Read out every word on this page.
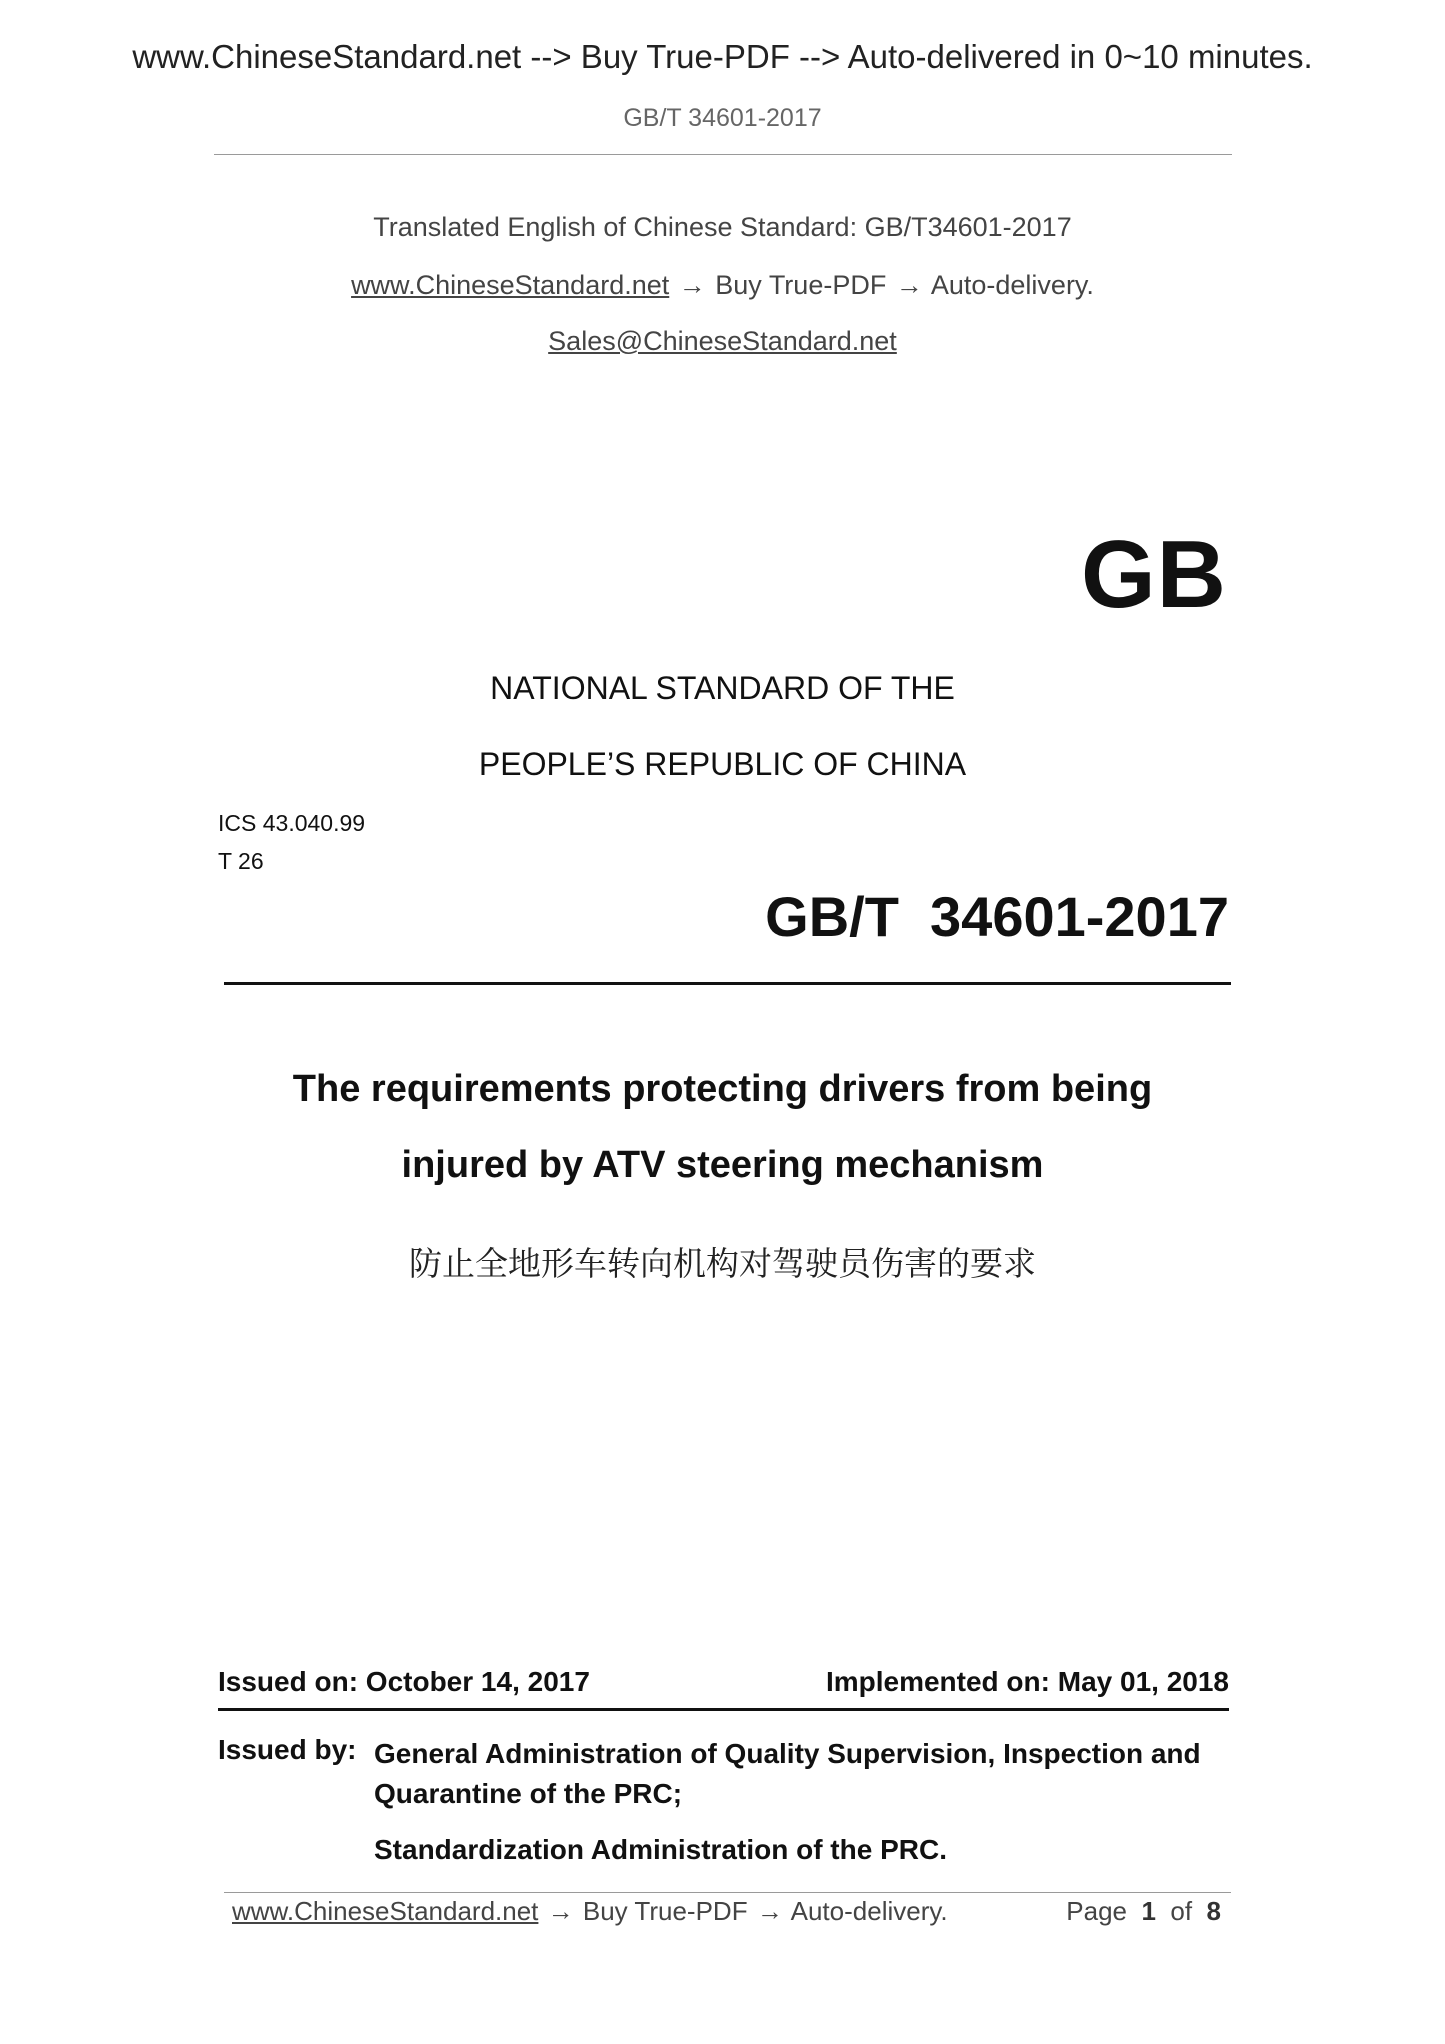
www.ChineseStandard.net --> Buy True-PDF --> Auto-delivered in 0~10 minutes.
GB/T 34601-2017
Translated English of Chinese Standard: GB/T34601-2017
www.ChineseStandard.net → Buy True-PDF → Auto-delivery.
Sales@ChineseStandard.net
GB
NATIONAL STANDARD OF THE
PEOPLE’S REPUBLIC OF CHINA
ICS 43.040.99
T 26
GB/T  34601-2017
The requirements protecting drivers from being
injured by ATV steering mechanism
防止全地形车转向机构对驾驶员伤害的要求
Issued on: October 14, 2017	Implemented on: May 01, 2018
Issued by: General Administration of Quality Supervision, Inspection and Quarantine of the PRC;
Standardization Administration of the PRC.
www.ChineseStandard.net → Buy True-PDF → Auto-delivery.	Page 1 of 8
